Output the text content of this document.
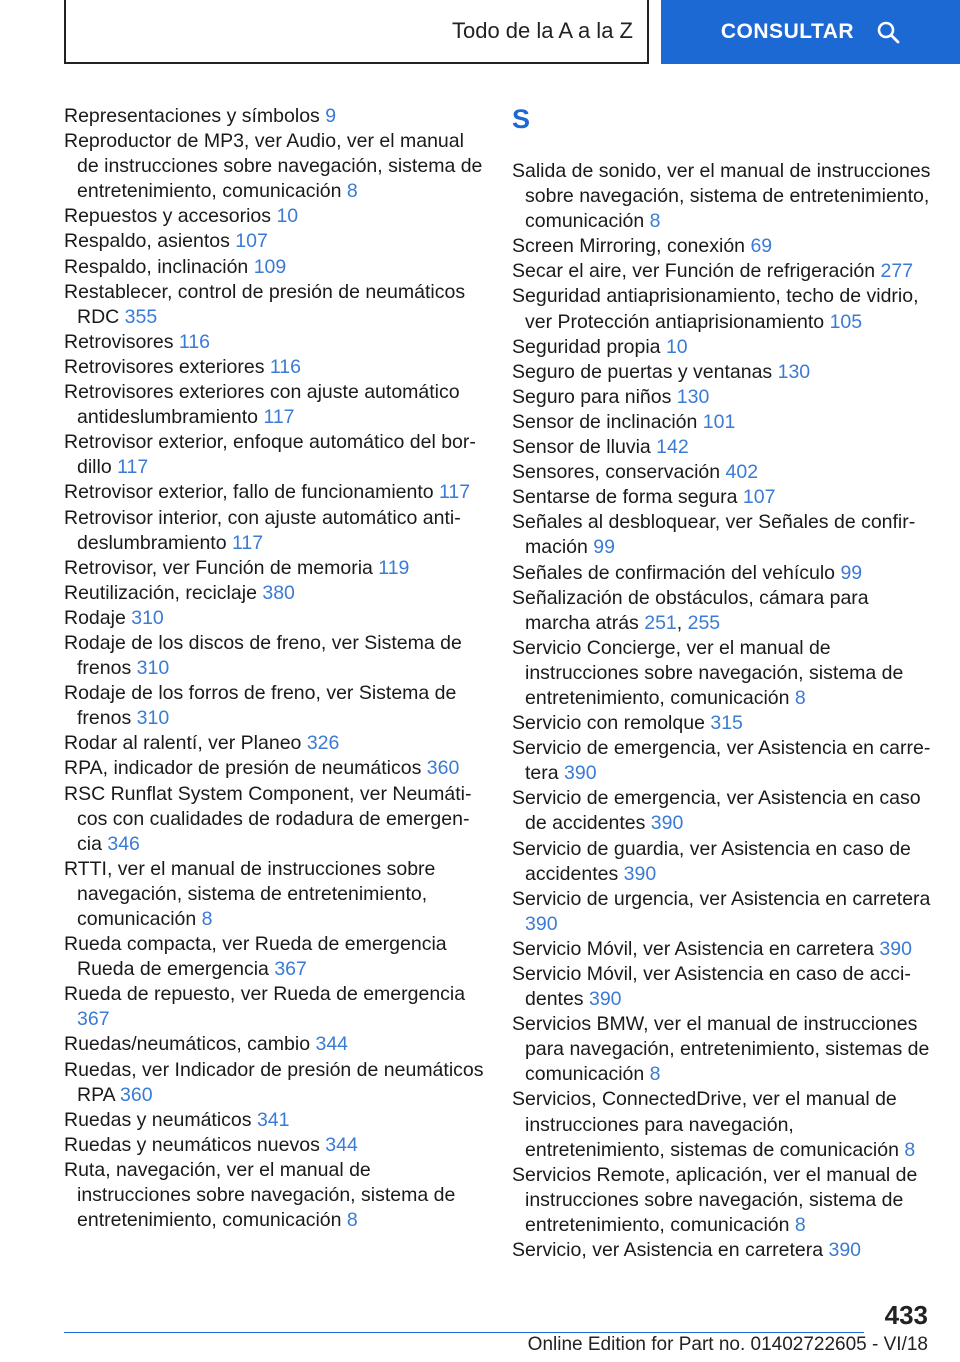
Todo de la A a la Z	CONSULTAR
Representaciones y símbolos 9
Reproductor de MP3, ver Audio, ver el manual de instrucciones sobre navegación, sistema de entretenimiento, comunicación 8
Repuestos y accesorios 10
Respaldo, asientos 107
Respaldo, inclinación 109
Restablecer, control de presión de neumáticos RDC 355
Retrovisores 116
Retrovisores exteriores 116
Retrovisores exteriores con ajuste automático antideslumbramiento 117
Retrovisor exterior, enfoque automático del bordillo 117
Retrovisor exterior, fallo de funcionamiento 117
Retrovisor interior, con ajuste automático antideslumbramiento 117
Retrovisor, ver Función de memoria 119
Reutilización, reciclaje 380
Rodaje 310
Rodaje de los discos de freno, ver Sistema de frenos 310
Rodaje de los forros de freno, ver Sistema de frenos 310
Rodar al ralentí, ver Planeo 326
RPA, indicador de presión de neumáticos 360
RSC Runflat System Component, ver Neumáticos con cualidades de rodadura de emergencia 346
RTTI, ver el manual de instrucciones sobre navegación, sistema de entretenimiento, comunicación 8
Rueda compacta, ver Rueda de emergencia Rueda de emergencia 367
Rueda de repuesto, ver Rueda de emergencia 367
Ruedas/neumáticos, cambio 344
Ruedas, ver Indicador de presión de neumáticos RPA 360
Ruedas y neumáticos 341
Ruedas y neumáticos nuevos 344
Ruta, navegación, ver el manual de instrucciones sobre navegación, sistema de entretenimiento, comunicación 8
S
Salida de sonido, ver el manual de instrucciones sobre navegación, sistema de entretenimiento, comunicación 8
Screen Mirroring, conexión 69
Secar el aire, ver Función de refrigeración 277
Seguridad antiaprisionamiento, techo de vidrio, ver Protección antiaprisionamiento 105
Seguridad propia 10
Seguro de puertas y ventanas 130
Seguro para niños 130
Sensor de inclinación 101
Sensor de lluvia 142
Sensores, conservación 402
Sentarse de forma segura 107
Señales al desbloquear, ver Señales de confirmación 99
Señales de confirmación del vehículo 99
Señalización de obstáculos, cámara para marcha atrás 251, 255
Servicio Concierge, ver el manual de instrucciones sobre navegación, sistema de entretenimiento, comunicación 8
Servicio con remolque 315
Servicio de emergencia, ver Asistencia en carretera 390
Servicio de emergencia, ver Asistencia en caso de accidentes 390
Servicio de guardia, ver Asistencia en caso de accidentes 390
Servicio de urgencia, ver Asistencia en carretera 390
Servicio Móvil, ver Asistencia en carretera 390
Servicio Móvil, ver Asistencia en caso de accidentes 390
Servicios BMW, ver el manual de instrucciones para navegación, entretenimiento, sistemas de comunicación 8
Servicios, ConnectedDrive, ver el manual de instrucciones para navegación, entretenimiento, sistemas de comunicación 8
Servicios Remote, aplicación, ver el manual de instrucciones sobre navegación, sistema de entretenimiento, comunicación 8
Servicio, ver Asistencia en carretera 390
433
Online Edition for Part no. 01402722605 - VI/18
